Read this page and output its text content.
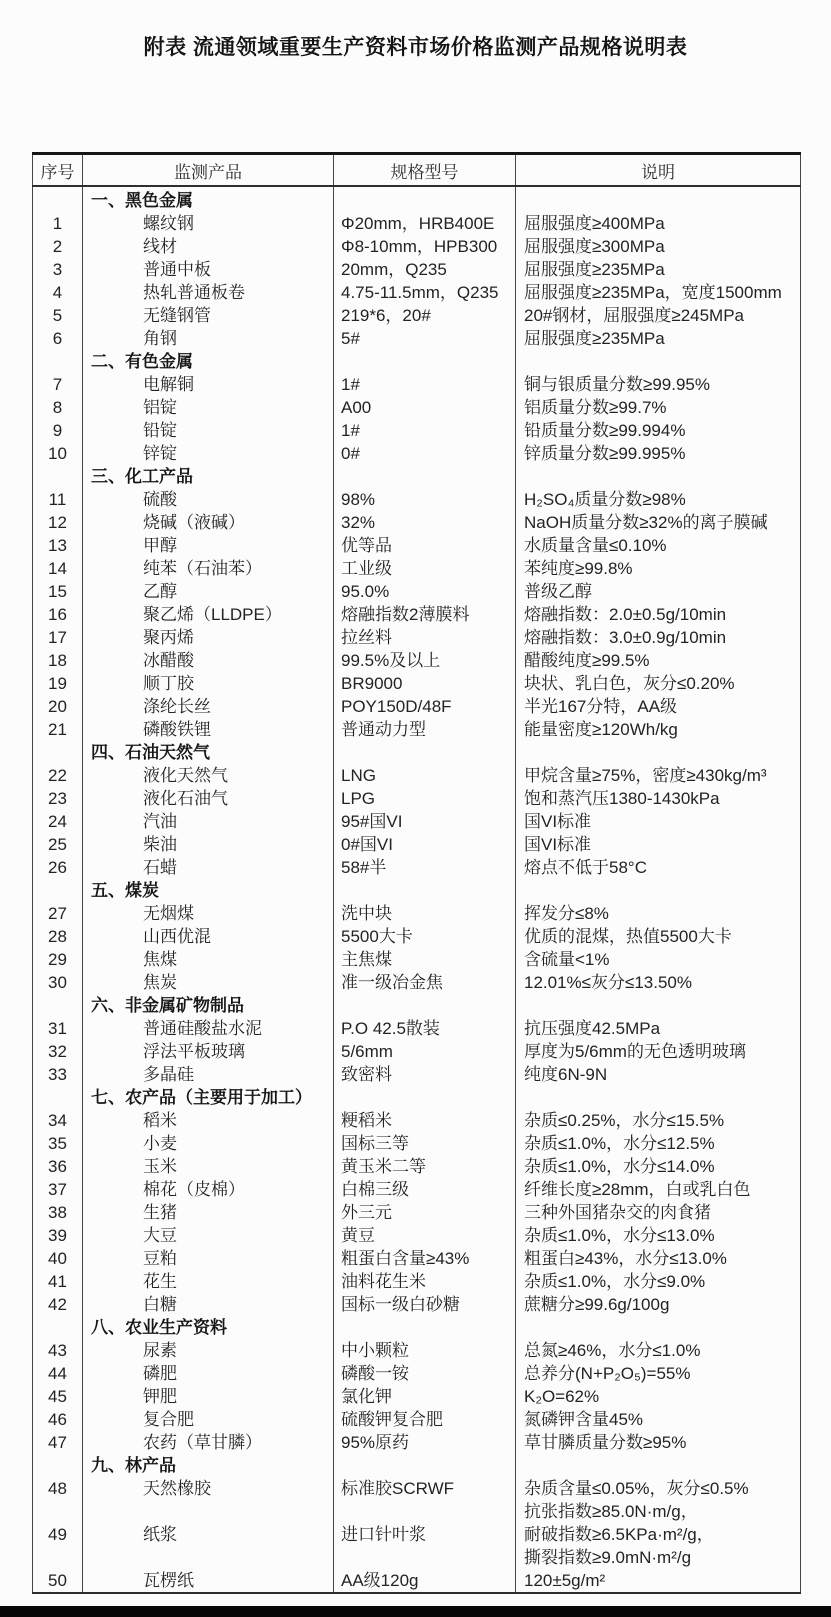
附表 流通领域重要生产资料市场价格监测产品规格说明表
序号	监测产品	规格型号	说明
	一、黑色金属		
1	螺纹钢	Φ20mm，HRB400E	屈服强度≥400MPa

2	线材	Φ8-10mm，HPB300	屈服强度≥300MPa

3	普通中板	20mm，Q235	屈服强度≥235MPa

4	热轧普通板卷	4.75-11.5mm，Q235	屈服强度≥235MPa，宽度1500mm

5	无缝钢管	219*6，20#	20#钢材，屈服强度≥245MPa

6	角钢	5#	屈服强度≥235MPa

	二、有色金属		
7	电解铜	1#	铜与银质量分数≥99.95%

8	铝锭	A00	铝质量分数≥99.7%

9	铅锭	1#	铅质量分数≥99.994%

10	锌锭	0#	锌质量分数≥99.995%

	三、化工产品		
11	硫酸	98%	H₂SO₄质量分数≥98%

12	烧碱（液碱）	32%	NaOH质量分数≥32%的离子膜碱

13	甲醇	优等品	水质量含量≤0.10%

14	纯苯（石油苯）	工业级	苯纯度≥99.8%

15	乙醇	95.0%	普级乙醇

16	聚乙烯（LLDPE）	熔融指数2薄膜料	熔融指数：2.0±0.5g/10min

17	聚丙烯	拉丝料	熔融指数：3.0±0.9g/10min

18	冰醋酸	99.5%及以上	醋酸纯度≥99.5%

19	顺丁胶	BR9000	块状、乳白色，灰分≤0.20%

20	涤纶长丝	POY150D/48F	半光167分特，AA级

21	磷酸铁锂	普通动力型	能量密度≥120Wh/kg

	四、石油天然气		
22	液化天然气	LNG	甲烷含量≥75%，密度≥430kg/m³

23	液化石油气	LPG	饱和蒸汽压1380-1430kPa

24	汽油	95#国VI	国VI标准

25	柴油	0#国VI	国VI标准

26	石蜡	58#半	熔点不低于58°C

	五、煤炭		
27	无烟煤	洗中块	挥发分≤8%

28	山西优混	5500大卡	优质的混煤，热值5500大卡

29	焦煤	主焦煤	含硫量<1%

30	焦炭	准一级冶金焦	12.01%≤灰分≤13.50%

	六、非金属矿物制品		
31	普通硅酸盐水泥	P.O 42.5散装	抗压强度42.5MPa

32	浮法平板玻璃	5/6mm	厚度为5/6mm的无色透明玻璃

33	多晶硅	致密料	纯度6N-9N

	七、农产品（主要用于加工）		
34	稻米	粳稻米	杂质≤0.25%，水分≤15.5%

35	小麦	国标三等	杂质≤1.0%，水分≤12.5%

36	玉米	黄玉米二等	杂质≤1.0%，水分≤14.0%

37	棉花（皮棉）	白棉三级	纤维长度≥28mm，白或乳白色

38	生猪	外三元	三种外国猪杂交的肉食猪

39	大豆	黄豆	杂质≤1.0%，水分≤13.0%

40	豆粕	粗蛋白含量≥43%	粗蛋白≥43%，水分≤13.0%

41	花生	油料花生米	杂质≤1.0%，水分≤9.0%

42	白糖	国标一级白砂糖	蔗糖分≥99.6g/100g

	八、农业生产资料		
43	尿素	中小颗粒	总氮≥46%，水分≤1.0%

44	磷肥	磷酸一铵	总养分(N+P₂O₅)=55%

45	钾肥	氯化钾	K₂O=62%

46	复合肥	硫酸钾复合肥	氮磷钾含量45%

47	农药（草甘膦）	95%原药	草甘膦质量分数≥95%

	九、林产品		
48	天然橡胶	标准胶SCRWF	杂质含量≤0.05%，灰分≤0.5%
抗张指数≥85.0N·m/g，

49	纸浆	进口针叶浆	耐破指数≥6.5KPa·m²/g，
撕裂指数≥9.0mN·m²/g

50	瓦楞纸	AA级120g	120±5g/m²
